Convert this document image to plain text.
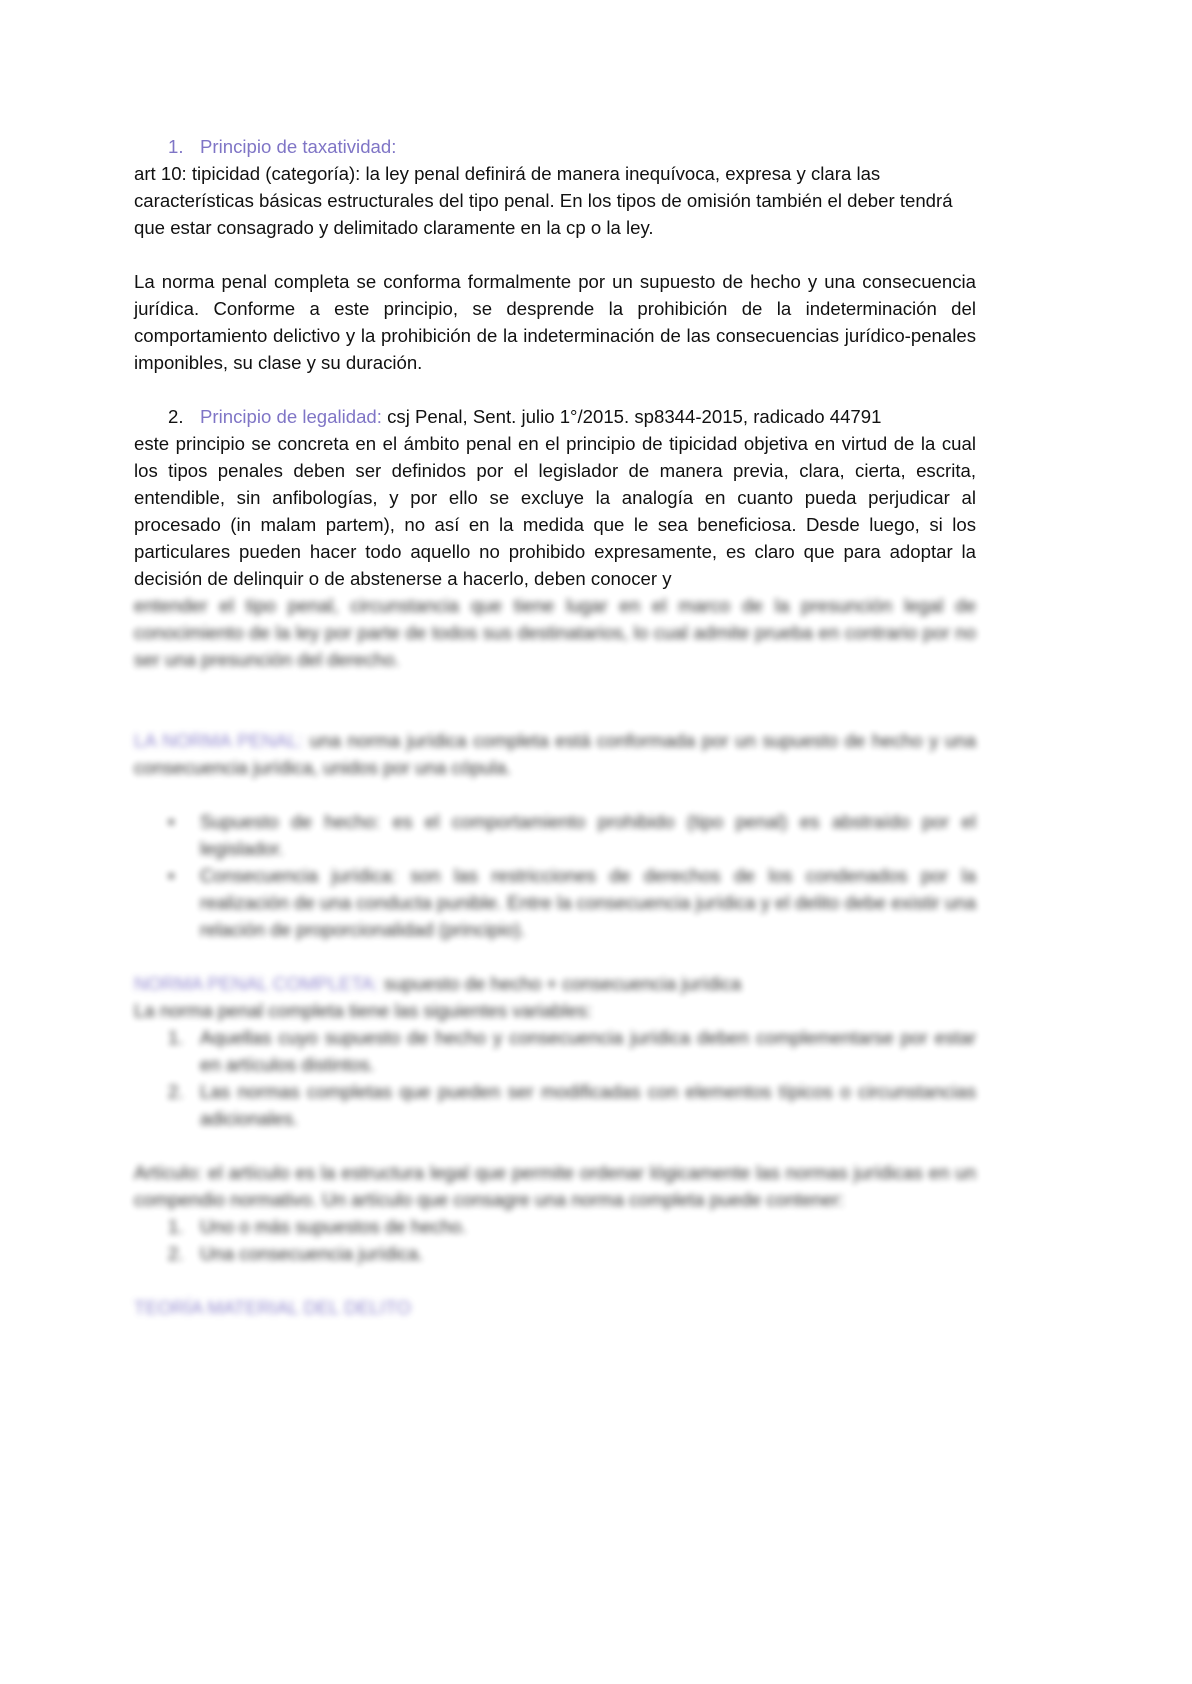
1. Principio de taxatividad:

art 10: tipicidad (categoría): la ley penal definirá de manera inequívoca, expresa y clara las características básicas estructurales del tipo penal. En los tipos de omisión también el deber tendrá que estar consagrado y delimitado claramente en la cp o la ley.

La norma penal completa se conforma formalmente por un supuesto de hecho y una consecuencia jurídica. Conforme a este principio, se desprende la prohibición de la indeterminación del comportamiento delictivo y la prohibición de la indeterminación de las consecuencias jurídico-penales imponibles, su clase y su duración.

2. Principio de legalidad: csj Penal, Sent. julio 1°/2015. sp8344-2015, radicado 44791

este principio se concreta en el ámbito penal en el principio de tipicidad objetiva en virtud de la cual los tipos penales deben ser definidos por el legislador de manera previa, clara, cierta, escrita, entendible, sin anfibologías, y por ello se excluye la analogía en cuanto pueda perjudicar al procesado (in malam partem), no así en la medida que le sea beneficiosa. Desde luego, si los particulares pueden hacer todo aquello no prohibido expresamente, es claro que para adoptar la decisión de delinquir o de abstenerse a hacerlo, deben conocer y

entender el tipo penal, circunstancia que tiene lugar en el marco de la presunción legal de conocimiento de la ley por parte de todos sus destinatarios, lo cual admite prueba en contrario por no ser una presunción del derecho.

LA NORMA PENAL: una norma jurídica completa está conformada por un supuesto de hecho y una consecuencia jurídica, unidos por una cópula.

•	Supuesto de hecho: es el comportamiento prohibido (tipo penal) es abstraído por el legislador.

•	Consecuencia jurídica: son las restricciones de derechos de los condenados por la realización de una conducta punible. Entre la consecuencia jurídica y el delito debe existir una relación de proporcionalidad (principio).

NORMA PENAL COMPLETA: supuesto de hecho + consecuencia jurídica

La norma penal completa tiene las siguientes variables:

1. Aquellas cuyo supuesto de hecho y consecuencia jurídica deben complementarse por estar en artículos distintos.

2. Las normas completas que pueden ser modificadas con elementos típicos o circunstancias adicionales.

Artículo: el artículo es la estructura legal que permite ordenar lógicamente las normas jurídicas en un compendio normativo. Un artículo que consagre una norma completa puede contener:

1. Uno o más supuestos de hecho.

2. Una consecuencia jurídica.

TEORÍA MATERIAL DEL DELITO
